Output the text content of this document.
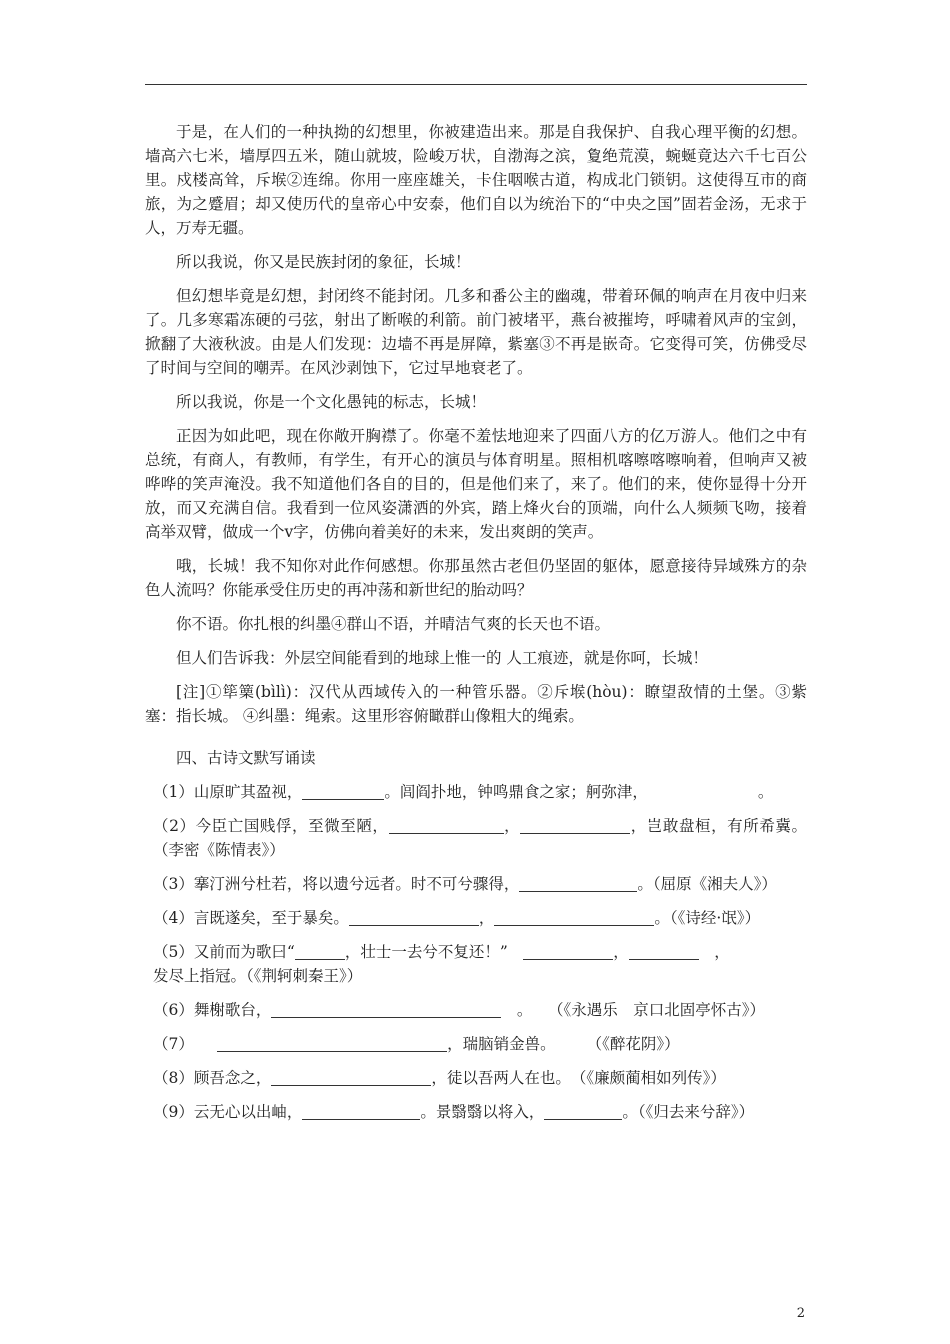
于是，在人们的一种执拗的幻想里，你被建造出来。那是自我保护、自我心理平衡的幻想。墙高六七米，墙厚四五米，随山就坡，险峻万状，自渤海之滨，夐绝荒漠，蜿蜒竟达六千七百公里。戍楼高耸，斥堠②连绵。你用一座座雄关，卡住咽喉古道，构成北门锁钥。这使得互市的商旅，为之蹙眉；却又使历代的皇帝心中安泰，他们自以为统治下的“中央之国”固若金汤，无求于人，万寿无疆。

所以我说，你又是民族封闭的象征，长城！

但幻想毕竟是幻想，封闭终不能封闭。几多和番公主的幽魂，带着环佩的响声在月夜中归来了。几多寒霜冻硬的弓弦，射出了断喉的利箭。前门被堵平，燕台被摧垮，呼啸着风声的宝剑，掀翻了大液秋波。由是人们发现：边墙不再是屏障，紫塞③不再是嵌奇。它变得可笑，仿佛受尽了时间与空间的嘲弄。在风沙剥蚀下，它过早地衰老了。

所以我说，你是一个文化愚钝的标志，长城！

正因为如此吧，现在你敞开胸襟了。你毫不羞怯地迎来了四面八方的亿万游人。他们之中有总统，有商人，有教师，有学生，有开心的演员与体育明星。照相机喀嚓喀嚓响着，但响声又被哗哗的笑声淹没。我不知道他们各自的目的，但是他们来了，来了。他们的来，使你显得十分开放，而又充满自信。我看到一位风姿潇洒的外宾，踏上烽火台的顶端，向什么人频频飞吻，接着高举双臂，做成一个v字，仿佛向着美好的未来，发出爽朗的笑声。

哦，长城！我不知你对此作何感想。你那虽然古老但仍坚固的躯体，愿意接待异域殊方的杂色人流吗？你能承受住历史的再冲荡和新世纪的胎动吗？

你不语。你扎根的纠墨④群山不语，并晴洁气爽的长天也不语。

但人们告诉我：外层空间能看到的地球上惟一的 人工痕迹，就是你呵，长城！

[注]①筚篥(bìlì)：汉代从西域传入的一种管乐器。②斥堠(hòu)：瞭望敌情的土堡。③紫塞：指长城。 ④纠墨：绳索。这里形容俯瞰群山像粗大的绳索。

四、古诗文默写诵读

（1）山原旷其盈视，	。闾阎扑地，钟鸣鼎食之家；舸弥津，	。

（2）今臣亡国贱俘，至微至陋，	，	，岂敢盘桓，有所希冀。（李密《陈情表》）

（3）搴汀洲兮杜若，将以遗兮远者。时不可兮骤得，	。（屈原《湘夫人》）

（4）言既遂矣，至于暴矣。	，	。（《诗经·氓》）

（5）又前而为歌曰“	，壮士一去兮不复还！”　	，　	，
发尽上指冠。（《荆轲刺秦王》）

（6）舞榭歌台，　	。　　 （《永遇乐　京口北固亭怀古》）

（7）　　	，瑞脑销金兽。　　　	（《醉花阴》）

（8）顾吾念之，	，徒以吾两人在也。　 （《廉颇蔺相如列传》）

（9）云无心以出岫，	。景翳翳以将入，	。（《归去来兮辞》）

2
